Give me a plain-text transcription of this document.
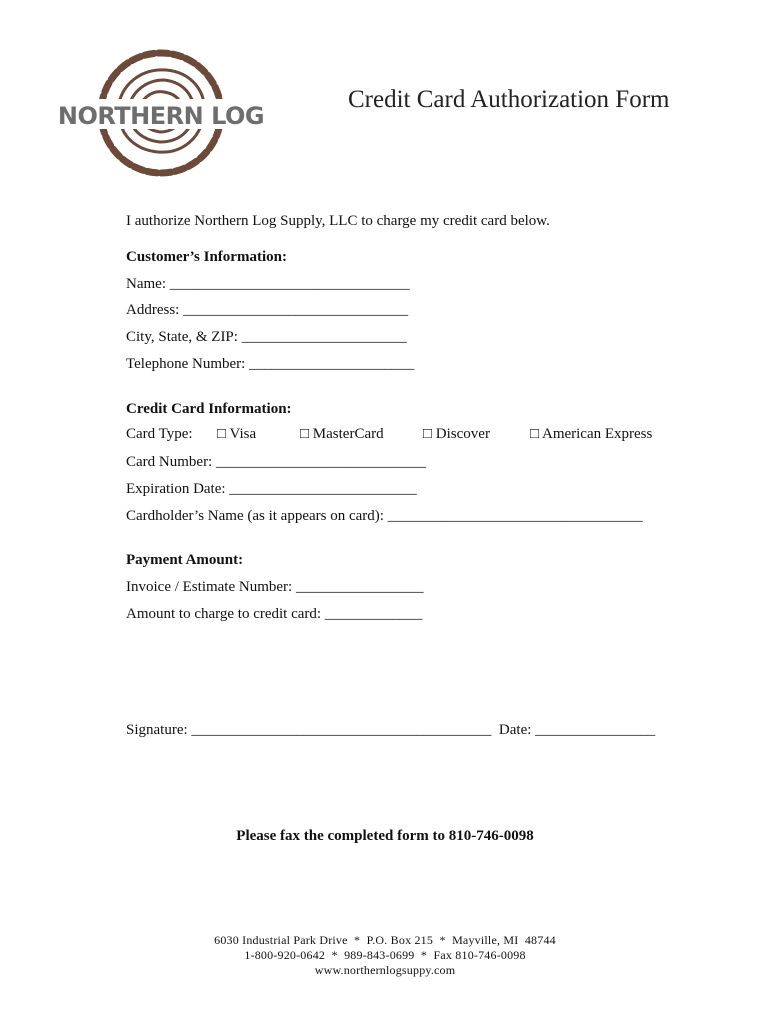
NORTHERN LOG
Credit Card Authorization Form
I authorize Northern Log Supply, LLC to charge my credit card below.
Customer’s Information:
Name: ________________________________
Address: ______________________________
City, State, & ZIP: ______________________
Telephone Number: ______________________
Credit Card Information:
Card Type: □ Visa	□ MasterCard	□ Discover	□ American Express
Card Number: ____________________________
Expiration Date: _________________________
Cardholder’s Name (as it appears on card): __________________________________
Payment Amount:
Invoice / Estimate Number: _________________
Amount to charge to credit card: _____________
Signature: ________________________________________  Date: ________________
Please fax the completed form to 810-746-0098
6030 Industrial Park Drive  *  P.O. Box 215  *  Mayville, MI  48744
1-800-920-0642  *  989-843-0699  *  Fax 810-746-0098
www.northernlogsuppy.com
